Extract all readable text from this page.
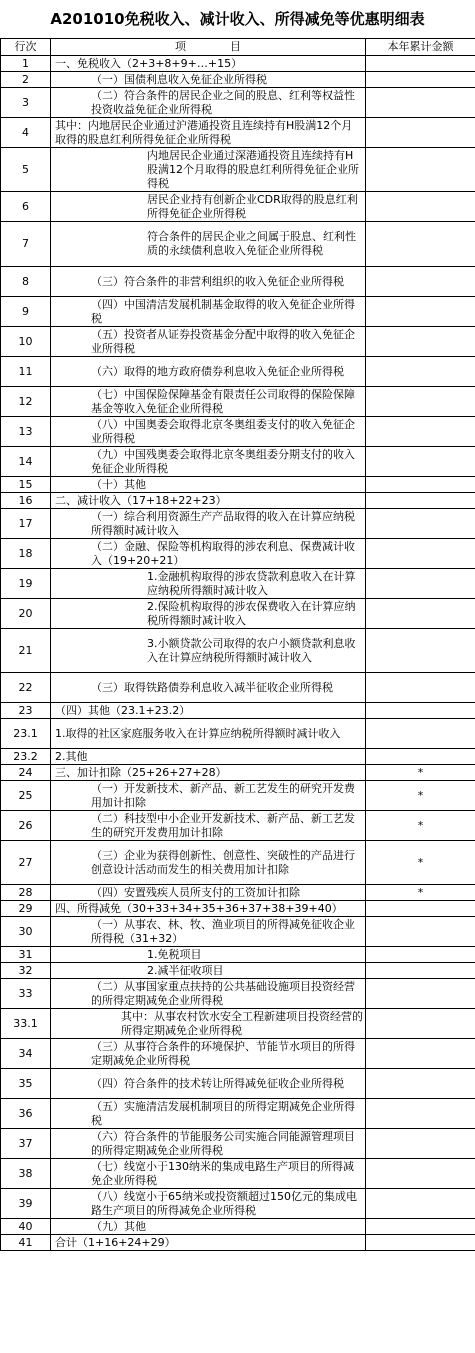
A201010免税收入、减计收入、所得减免等优惠明细表
行次	项　　　　目	本年累计金额
1	一、免税收入（2+3+8+9+…+15）	
2	（一）国债利息收入免征企业所得税	
3	（二）符合条件的居民企业之间的股息、红利等权益性投资收益免征企业所得税	
4	其中：内地居民企业通过沪港通投资且连续持有H股满12个月取得的股息红利所得免征企业所得税	
5	内地居民企业通过深港通投资且连续持有H股满12个月取得的股息红利所得免征企业所得税	
6	居民企业持有创新企业CDR取得的股息红利所得免征企业所得税	
7	符合条件的居民企业之间属于股息、红利性质的永续债利息收入免征企业所得税	
8	（三）符合条件的非营利组织的收入免征企业所得税	
9	（四）中国清洁发展机制基金取得的收入免征企业所得税	
10	（五）投资者从证券投资基金分配中取得的收入免征企业所得税	
11	（六）取得的地方政府债券利息收入免征企业所得税	
12	（七）中国保险保障基金有限责任公司取得的保险保障基金等收入免征企业所得税	
13	（八）中国奥委会取得北京冬奥组委支付的收入免征企业所得税	
14	（九）中国残奥委会取得北京冬奥组委分期支付的收入免征企业所得税	
15	（十）其他	
16	二、减计收入（17+18+22+23）	
17	（一）综合利用资源生产产品取得的收入在计算应纳税所得额时减计收入	
18	（二）金融、保险等机构取得的涉农利息、保费减计收入（19+20+21）	
19	1.金融机构取得的涉农贷款利息收入在计算应纳税所得额时减计收入	
20	2.保险机构取得的涉农保费收入在计算应纳税所得额时减计收入	
21	3.小额贷款公司取得的农户小额贷款利息收入在计算应纳税所得额时减计收入	
22	（三）取得铁路债券利息收入减半征收企业所得税	
23	（四）其他（23.1+23.2）	
23.1	1.取得的社区家庭服务收入在计算应纳税所得额时减计收入	
23.2	2.其他	
24	三、加计扣除（25+26+27+28）	*
25	（一）开发新技术、新产品、新工艺发生的研究开发费用加计扣除	*
26	（二）科技型中小企业开发新技术、新产品、新工艺发生的研究开发费用加计扣除	*
27	（三）企业为获得创新性、创意性、突破性的产品进行创意设计活动而发生的相关费用加计扣除	*
28	（四）安置残疾人员所支付的工资加计扣除	*
29	四、所得减免（30+33+34+35+36+37+38+39+40）	
30	（一）从事农、林、牧、渔业项目的所得减免征收企业所得税（31+32）	
31	1.免税项目	
32	2.减半征收项目	
33	（二）从事国家重点扶持的公共基础设施项目投资经营的所得定期减免企业所得税	
33.1	其中：从事农村饮水安全工程新建项目投资经营的所得定期减免企业所得税	
34	（三）从事符合条件的环境保护、节能节水项目的所得定期减免企业所得税	
35	（四）符合条件的技术转让所得减免征收企业所得税	
36	（五）实施清洁发展机制项目的所得定期减免企业所得税	
37	（六）符合条件的节能服务公司实施合同能源管理项目的所得定期减免企业所得税	
38	（七）线宽小于130纳米的集成电路生产项目的所得减免企业所得税	
39	（八）线宽小于65纳米或投资额超过150亿元的集成电路生产项目的所得减免企业所得税	
40	（九）其他	
41	合计（1+16+24+29）	
